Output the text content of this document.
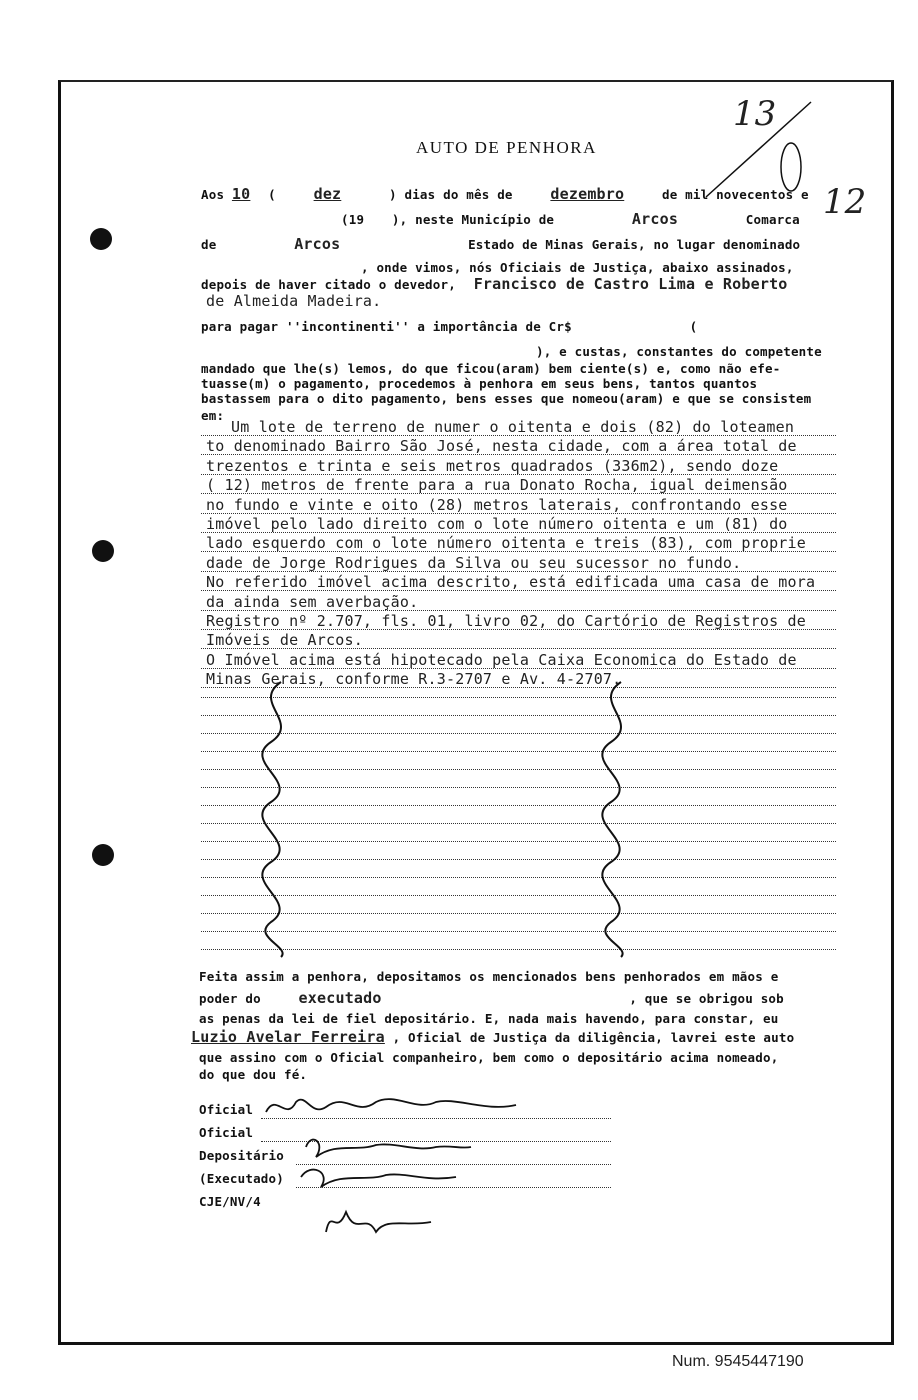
AUTO DE PENHORA
Aos 10 (	dez	) dias do mês de	dezembro	de mil novecentos e
(19 ), neste Município de	Arcos	Comarca
de	Arcos	Estado de Minas Gerais, no lugar denominado
, onde vimos, nós Oficiais de Justiça, abaixo assinados,
depois de haver citado o devedor, Francisco de Castro Lima e Roberto
de Almeida Madeira.
para pagar ''incontinenti'' a importância de Cr$	(
), e custas, constantes do competente
mandado que lhe(s) lemos, do que ficou(aram) bem ciente(s) e, como não efe-
tuasse(m) o pagamento, procedemos à penhora em seus bens, tantos quantos
bastassem para o dito pagamento, bens esses que nomeou(aram) e que se consistem
em:
Um lote de terreno de numer o oitenta e dois (82) do loteamen
to denominado Bairro São José, nesta cidade, com a área total de
trezentos e trinta e seis metros quadrados (336m2), sendo doze
( 12) metros de frente para a rua Donato Rocha, igual deimensão
no fundo e vinte e oito (28) metros laterais, confrontando esse
imóvel pelo lado direito com o lote número oitenta e um (81) do
lado esquerdo com o lote número oitenta e treis (83), com proprie
dade de Jorge Rodrigues da Silva ou seu sucessor no fundo.
No referido imóvel acima descrito, está edificada uma casa de mora
da ainda sem averbação.
Registro nº 2.707, fls. 01, livro 02, do Cartório de Registros de
Imóveis de Arcos.
O Imóvel acima está hipotecado pela Caixa Economica do Estado de
Minas Gerais, conforme R.3-2707 e Av. 4-2707.
Feita assim a penhora, depositamos os mencionados bens penhorados em mãos e
poder do	executado	, que se obrigou sob
as penas da lei de fiel depositário. E, nada mais havendo, para constar, eu
Luzio Avelar Ferreira , Oficial de Justiça da diligência, lavrei este auto
que assino com o Oficial companheiro, bem como o depositário acima nomeado,
do que dou fé.
Oficial
Oficial
Depositário
(Executado)
CJE/NV/4
13
12
Num. 9545447190
